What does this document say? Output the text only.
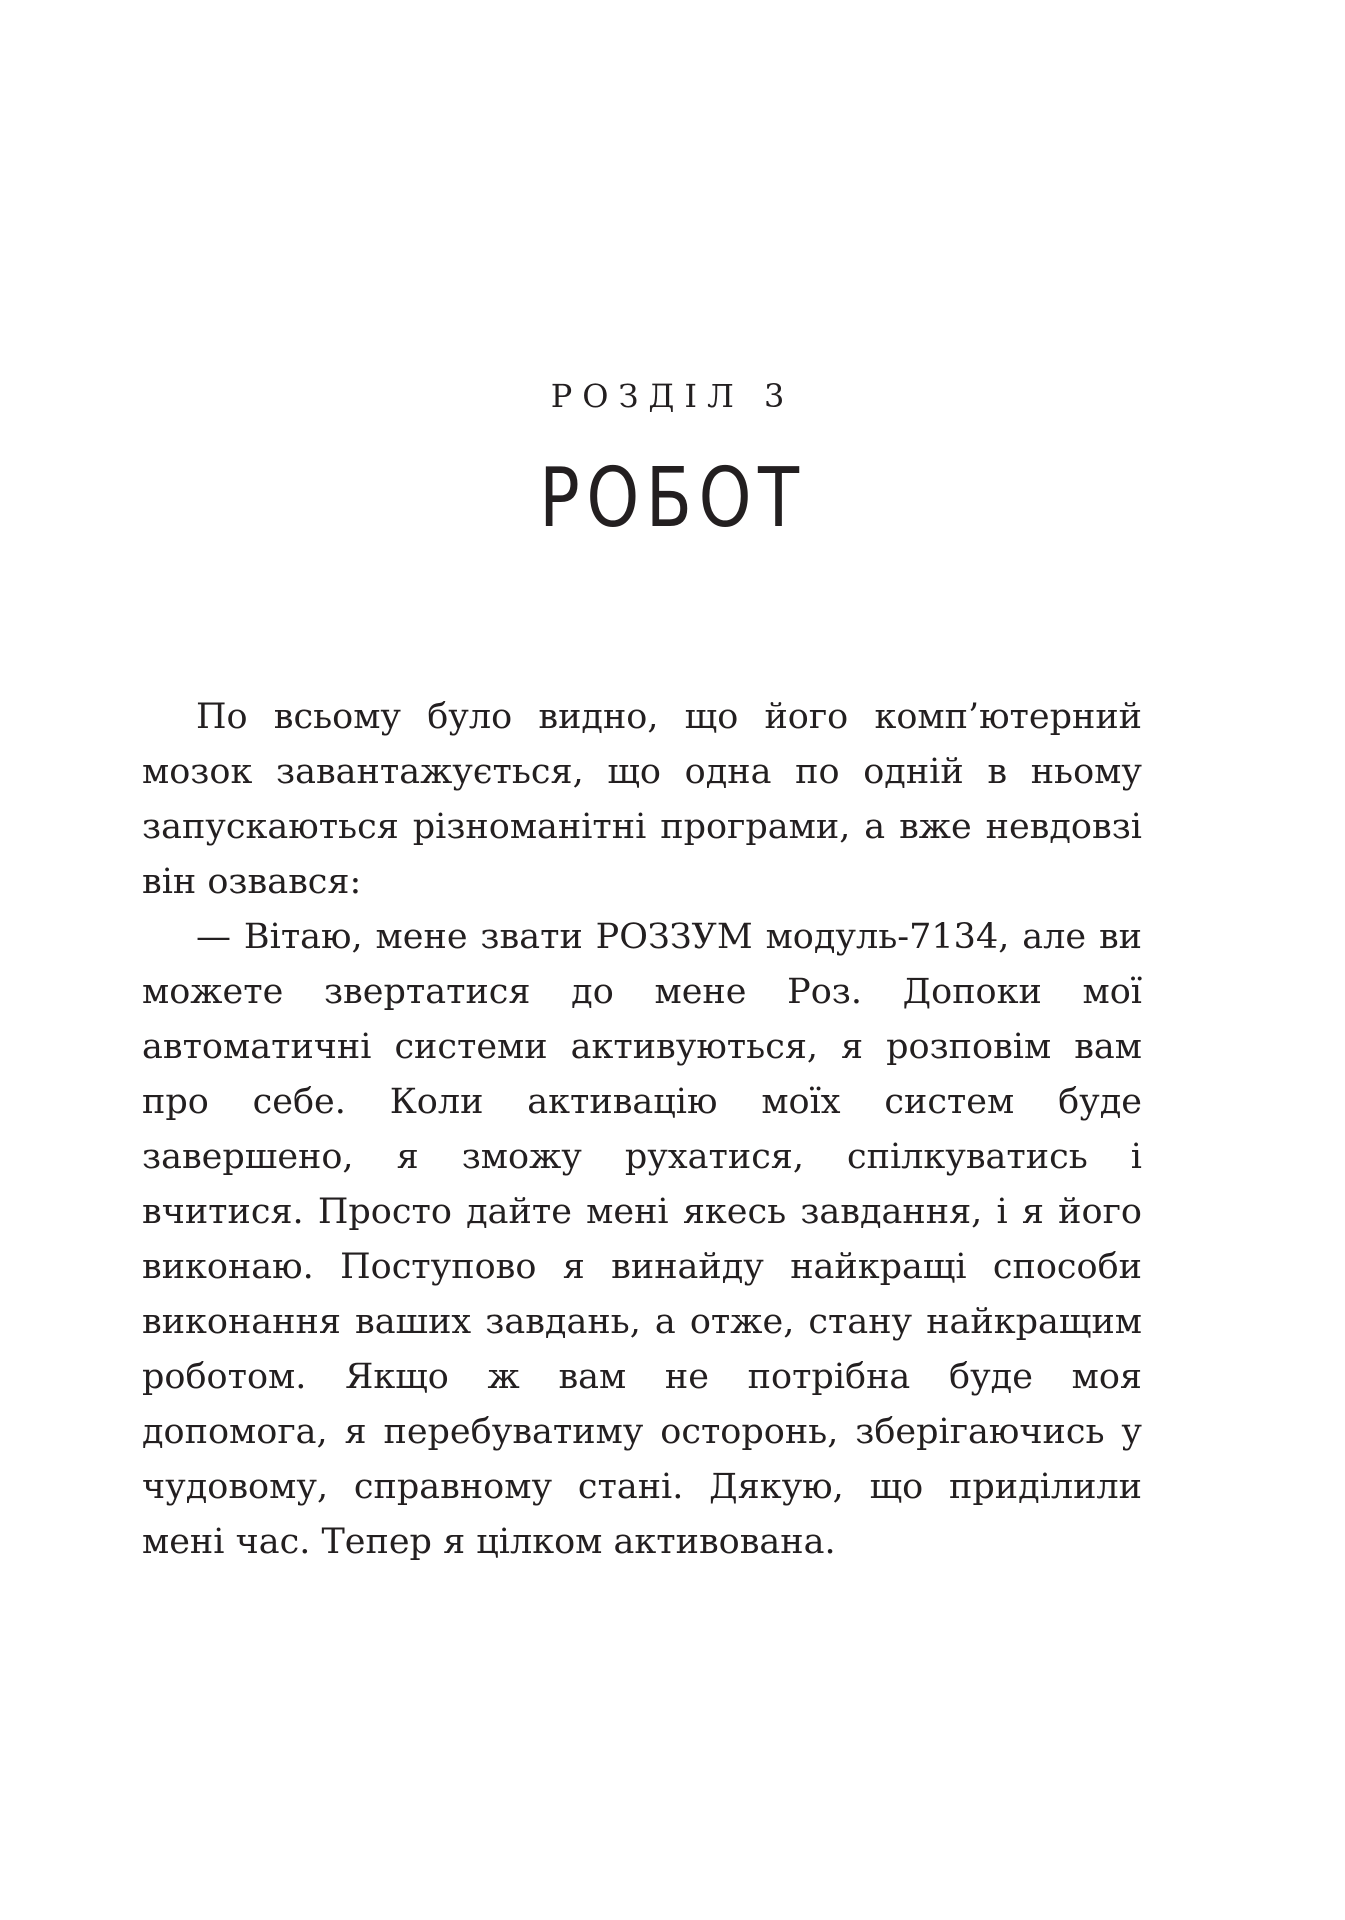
РОЗДІЛ 3
РОБОТ

По всьому було видно, що його комп’ютерний мозок завантажується, що одна по одній в ньому запускаються різноманітні програми, а вже невдовзі він озвався:

— Вітаю, мене звати РОЗЗУМ модуль-7134, але ви можете звертатися до мене Роз. Допоки мої автоматичні системи активуються, я розповім вам про себе. Коли активацію моїх систем буде завершено, я зможу рухатися, спілкуватись і вчитися. Просто дайте мені якесь завдання, і я його виконаю. Поступово я винайду найкращі способи виконання ваших завдань, а отже, стану найкращим роботом. Якщо ж вам не потрібна буде моя допомога, я перебуватиму осторонь, зберігаючись у чудовому, справному стані. Дякую, що приділили мені час. Тепер я цілком активована.
